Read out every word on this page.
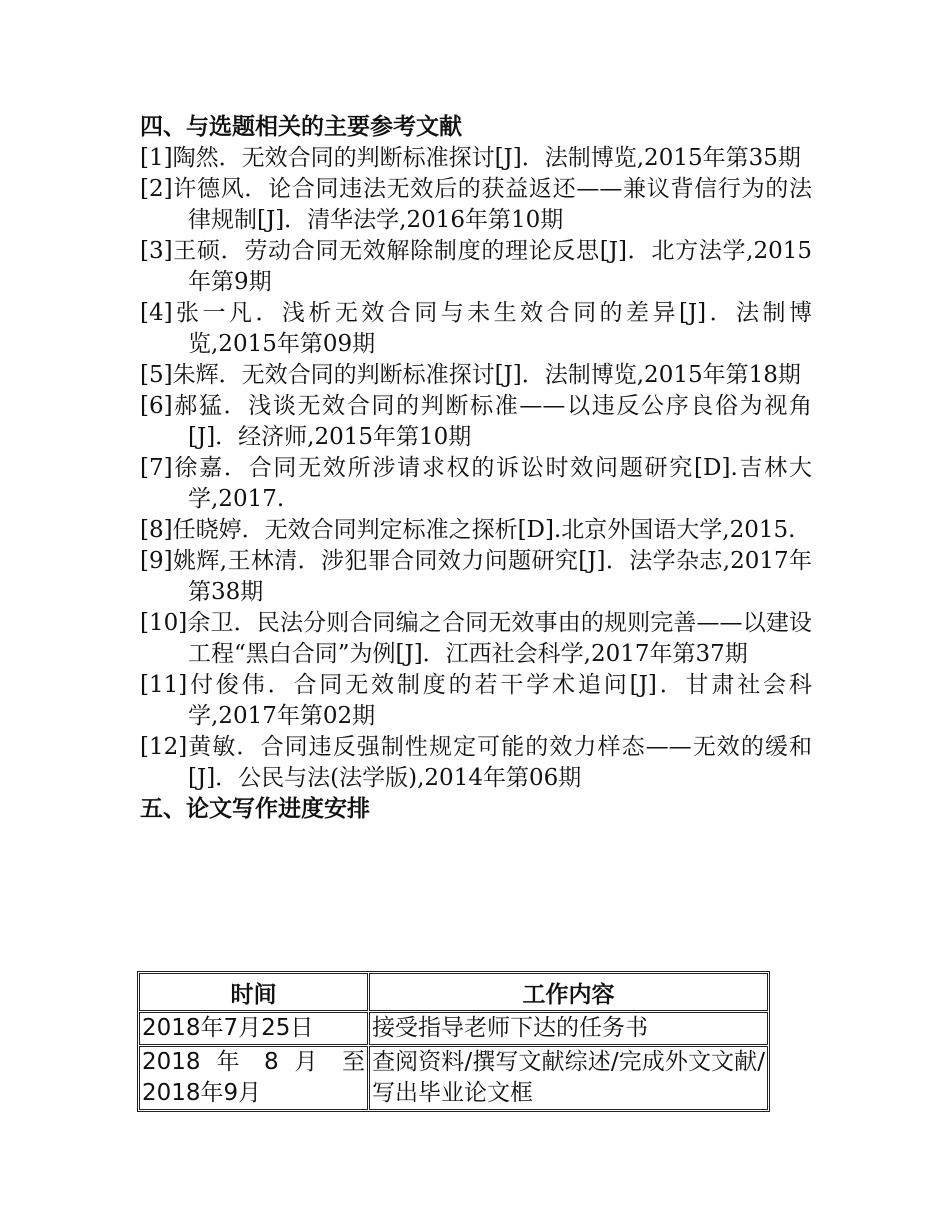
四、与选题相关的主要参考文献

[1]陶然．无效合同的判断标准探讨[J]．法制博览,2015年第35期

[2]许德风．论合同违法无效后的获益返还——兼议背信行为的法律规制[J]．清华法学,2016年第10期

[3]王硕．劳动合同无效解除制度的理论反思[J]．北方法学,2015年第9期

[4]张一凡．浅析无效合同与未生效合同的差异[J]．法制博览,2015年第09期

[5]朱辉．无效合同的判断标准探讨[J]．法制博览,2015年第18期

[6]郝猛．浅谈无效合同的判断标准——以违反公序良俗为视角[J]．经济师,2015年第10期

[7]徐嘉．合同无效所涉请求权的诉讼时效问题研究[D].吉林大学,2017.

[8]任晓婷．无效合同判定标准之探析[D].北京外国语大学,2015.

[9]姚辉,王林清．涉犯罪合同效力问题研究[J]．法学杂志,2017年第38期

[10]余卫．民法分则合同编之合同无效事由的规则完善——以建设工程“黑白合同”为例[J]．江西社会科学,2017年第37期

[11]付俊伟．合同无效制度的若干学术追问[J]．甘肃社会科学,2017年第02期

[12]黄敏．合同违反强制性规定可能的效力样态——无效的缓和[J]．公民与法(法学版),2014年第06期

五、论文写作进度安排

时间	工作内容
2018年7月25日	接受指导老师下达的任务书

2018 年 8 月 至
2018年9月	查阅资料/撰写文献综述/完成外文文献/写出毕业论文框
